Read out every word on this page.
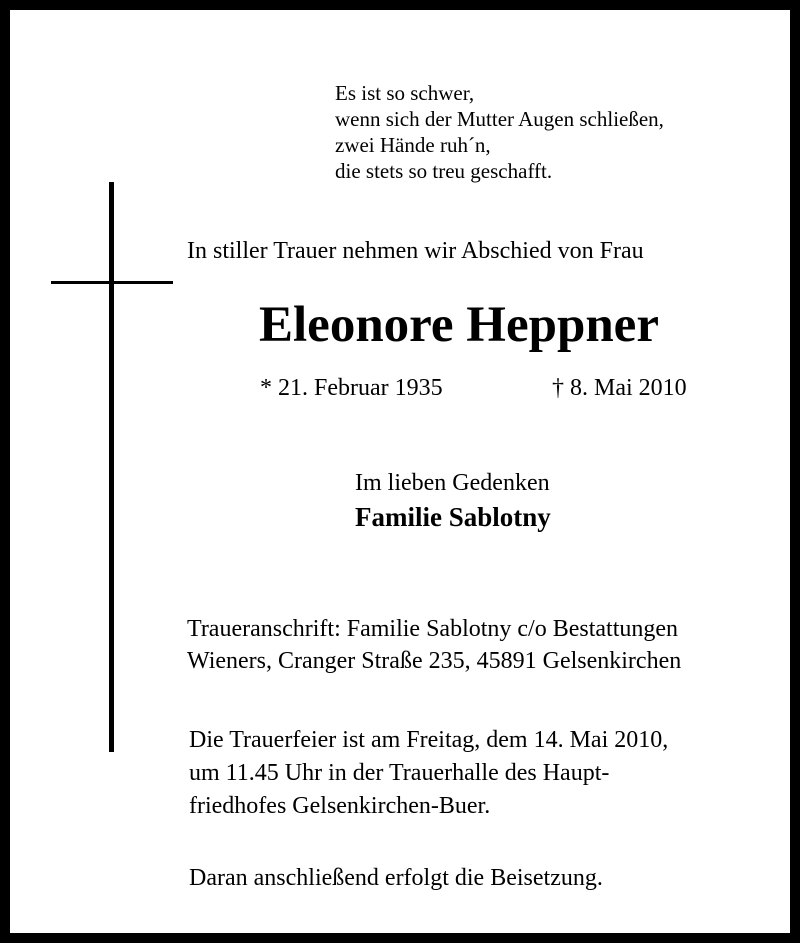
Es ist so schwer,
wenn sich der Mutter Augen schließen,
zwei Hände ruh´n,
die stets so treu geschafft.
In stiller Trauer nehmen wir Abschied von Frau
Eleonore Heppner
* 21. Februar 1935	† 8. Mai 2010
Im lieben Gedenken
Familie Sablotny
Traueranschrift: Familie Sablotny c/o Bestattungen
Wieners, Cranger Straße 235, 45891 Gelsenkirchen
Die Trauerfeier ist am Freitag, dem 14. Mai 2010,
um 11.45 Uhr in der Trauerhalle des Haupt-
friedhofes Gelsenkirchen-Buer.
Daran anschließend erfolgt die Beisetzung.
